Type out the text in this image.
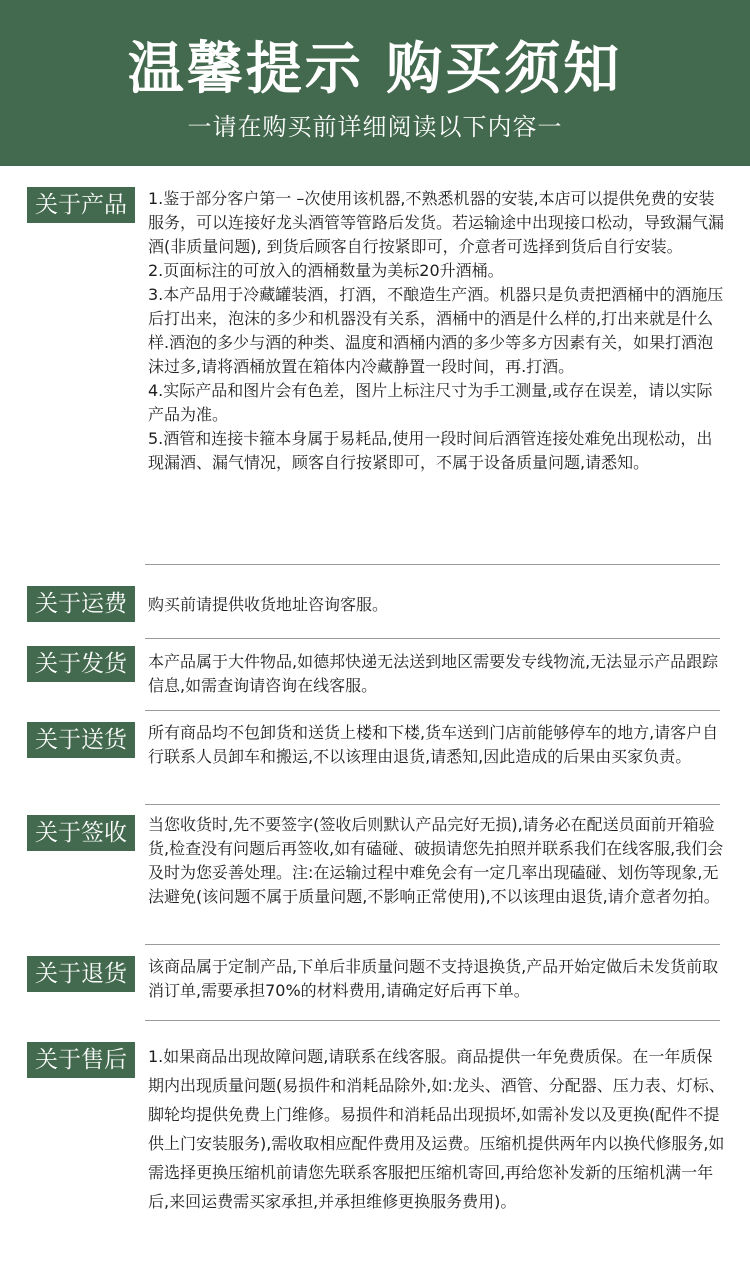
温馨提示 购买须知
一请在购买前详细阅读以下内容一
关于产品	1.鉴于部分客户第一 –次使用该机器,不熟悉机器的安装,本店可以提供免费的安装服务，可以连接好龙头酒管等管路后发货。若运输途中出现接口松动，导致漏气漏酒(非质量问题), 到货后顾客自行按紧即可，介意者可选择到货后自行安装。

2.页面标注的可放入的酒桶数量为美标20升酒桶。

3.本产品用于冷藏罐装酒，打酒，不酿造生产酒。机器只是负责把酒桶中的酒施压后打出来，泡沫的多少和机器没有关系，酒桶中的酒是什么样的,打出来就是什么样.酒泡的多少与酒的种类、温度和酒桶内酒的多少等多方因素有关，如果打酒泡沫过多,请将酒桶放置在箱体内冷藏静置一段时间，再.打酒。

4.实际产品和图片会有色差，图片上标注尺寸为手工测量,或存在误差，请以实际产品为准。

5.酒管和连接卡箍本身属于易耗品,使用一段时间后酒管连接处难免出现松动，出现漏酒、漏气情况，顾客自行按紧即可，不属于设备质量问题,请悉知。

关于运费	购买前请提供收货地址咨询客服。

关于发货	本产品属于大件物品,如德邦快递无法送到地区需要发专线物流,无法显示产品跟踪信息,如需查询请咨询在线客服。

关于送货	所有商品均不包卸货和送货上楼和下楼,货车送到门店前能够停车的地方,请客户自行联系人员卸车和搬运,不以该理由退货,请悉知,因此造成的后果由买家负责。

关于签收	当您收货时,先不要签字(签收后则默认产品完好无损),请务必在配送员面前开箱验货,检查没有问题后再签收,如有磕碰、破损请您先拍照并联系我们在线客服,我们会及时为您妥善处理。注:在运输过程中难免会有一定几率出现磕碰、划伤等现象,无法避免(该问题不属于质量问题,不影响正常使用),不以该理由退货,请介意者勿拍。

关于退货	该商品属于定制产品,下单后非质量问题不支持退换货,产品开始定做后未发货前取消订单,需要承担70%的材料费用,请确定好后再下单。

关于售后	1.如果商品出现故障问题,请联系在线客服。商品提供一年免费质保。在一年质保期内出现质量问题(易损件和消耗品除外,如:龙头、酒管、分配器、压力表、灯标、脚轮均提供免费上门维修。易损件和消耗品出现损坏,如需补发以及更换(配件不提供上门安装服务),需收取相应配件费用及运费。压缩机提供两年内以换代修服务,如需选择更换压缩机前请您先联系客服把压缩机寄回,再给您补发新的压缩机满一年后,来回运费需买家承担,并承担维修更换服务费用)。
